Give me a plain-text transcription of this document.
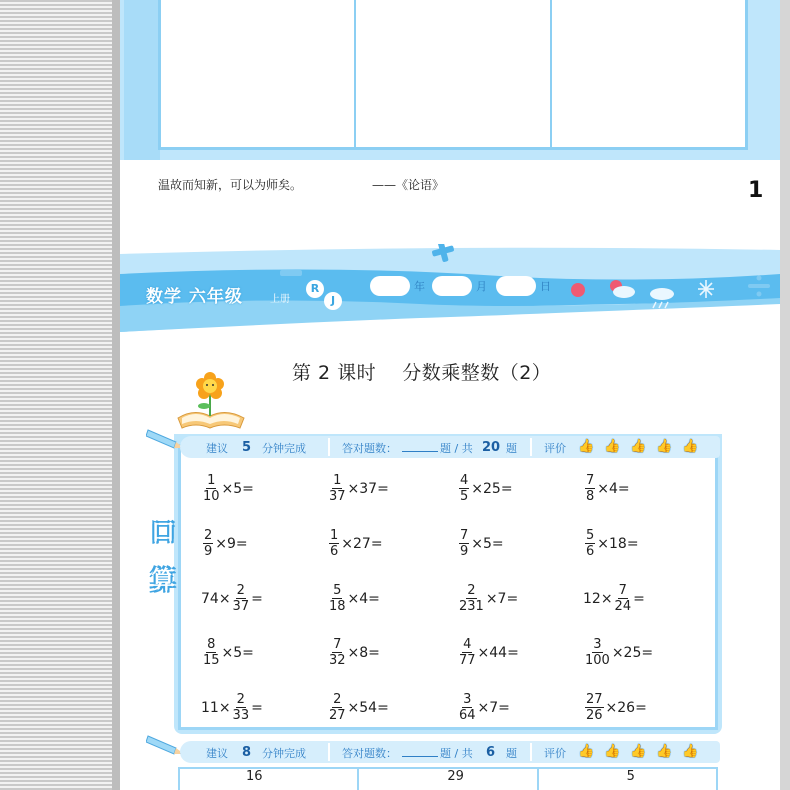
温故而知新，可以为师矣。	——《论语》	1
数学 六年级	上册
R
J
年	月	日
第 2 课时　 分数乘整数（2）
建议 5 分钟完成	答对题数：	题 / 共 20 题 评价 👍 👍 👍 👍 👍
口
算
$\frac{1}{10} \times 5=$	$\frac{1}{37} \times 37=$	$\frac{4}{5} \times 25=$	$\frac{7}{8} \times 4=$
$\frac{2}{9} \times 9=$	$\frac{1}{6} \times 27=$	$\frac{7}{9} \times 5=$	$\frac{5}{6} \times 18=$
$74\times \frac{2}{37}$ =	$\frac{5}{18} \times 4=$	$\frac{2}{231} \times 7=$	$12\times \frac{7}{24}$ =
$\frac{8}{15} \times 5=$	$\frac{7}{32} \times 8=$	$\frac{4}{77} \times 44=$	$\frac{3}{100} \times 25=$
$11\times \frac{2}{33}$ =	$\frac{2}{27} \times 54=$	$\frac{3}{64} \times 7=$	$\frac{27}{26} \times 26=$
建议 8 分钟完成	答对题数：	题 / 共 6 题 评价 👍 👍 👍 👍 👍
16	29	5
